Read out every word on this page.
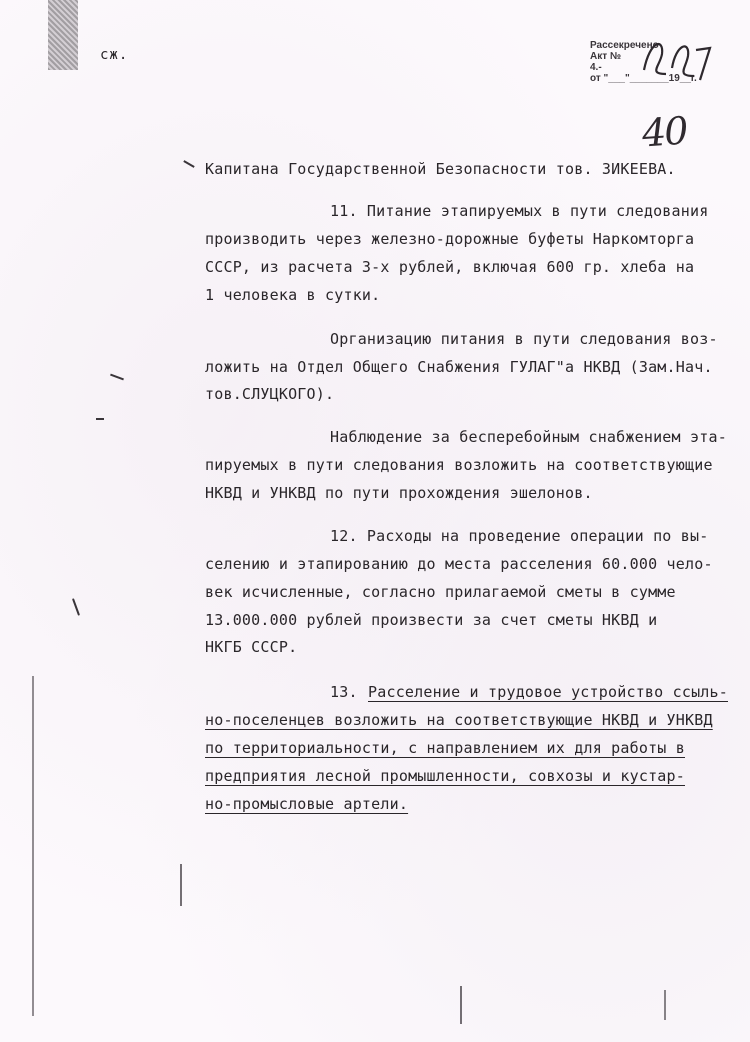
сж.
Рассекречено
Акт №
4.-
от "___"_______19__г.
40
Капитана Государственной Безопасности тов. ЗИКЕЕВА.
11. Питание этапируемых в пути следования
производить через железно-дорожные буфеты Наркомторга
СССР, из расчета 3-х рублей, включая 600 гр. хлеба на
1 человека в сутки.
Организацию питания в пути следования воз-
ложить на Отдел Общего Снабжения ГУЛАГ"а НКВД (Зам.Нач.
тов.СЛУЦКОГО).
Наблюдение за бесперебойным снабжением эта-
пируемых в пути следования возложить на соответствующие
НКВД и УНКВД по пути прохождения эшелонов.
12. Расходы на проведение операции по вы-
селению и этапированию до места расселения 60.000 чело-
век исчисленные, согласно прилагаемой сметы в сумме
13.000.000 рублей произвести за счет сметы НКВД и
НКГБ СССР.
13. Расселение и трудовое устройство ссыль-
но-поселенцев возложить на соответствующие НКВД и УНКВД
по территориальности, с направлением их для работы в
предприятия лесной промышленности, совхозы и кустар-
но-промысловые артели.
